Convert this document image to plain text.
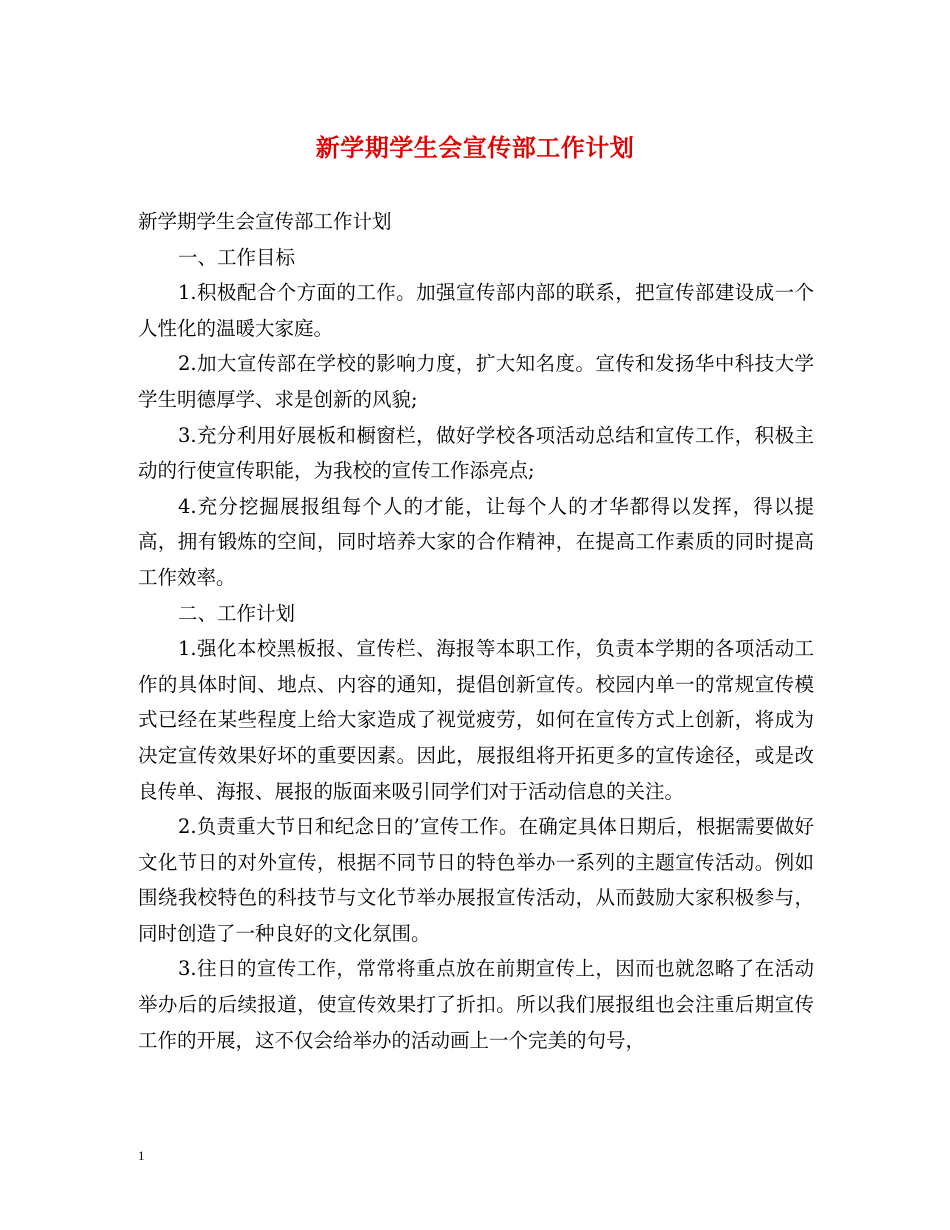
新学期学生会宣传部工作计划

新学期学生会宣传部工作计划

一、工作目标

1.积极配合个方面的工作。加强宣传部内部的联系，把宣传部建设成一个人性化的温暖大家庭。

2.加大宣传部在学校的影响力度，扩大知名度。宣传和发扬华中科技大学学生明德厚学、求是创新的风貌;

3.充分利用好展板和橱窗栏，做好学校各项活动总结和宣传工作，积极主动的行使宣传职能，为我校的宣传工作添亮点;

4.充分挖掘展报组每个人的才能，让每个人的才华都得以发挥，得以提高，拥有锻炼的空间，同时培养大家的合作精神，在提高工作素质的同时提高工作效率。

二、工作计划

1.强化本校黑板报、宣传栏、海报等本职工作，负责本学期的各项活动工作的具体时间、地点、内容的通知，提倡创新宣传。校园内单一的常规宣传模式已经在某些程度上给大家造成了视觉疲劳，如何在宣传方式上创新，将成为决定宣传效果好坏的重要因素。因此，展报组将开拓更多的宣传途径，或是改良传单、海报、展报的版面来吸引同学们对于活动信息的关注。

2.负责重大节日和纪念日的’宣传工作。在确定具体日期后，根据需要做好文化节日的对外宣传，根据不同节日的特色举办一系列的主题宣传活动。例如围绕我校特色的科技节与文化节举办展报宣传活动，从而鼓励大家积极参与，同时创造了一种良好的文化氛围。

3.往日的宣传工作，常常将重点放在前期宣传上，因而也就忽略了在活动举办后的后续报道，使宣传效果打了折扣。所以我们展报组也会注重后期宣传工作的开展，这不仅会给举办的活动画上一个完美的句号，

1
